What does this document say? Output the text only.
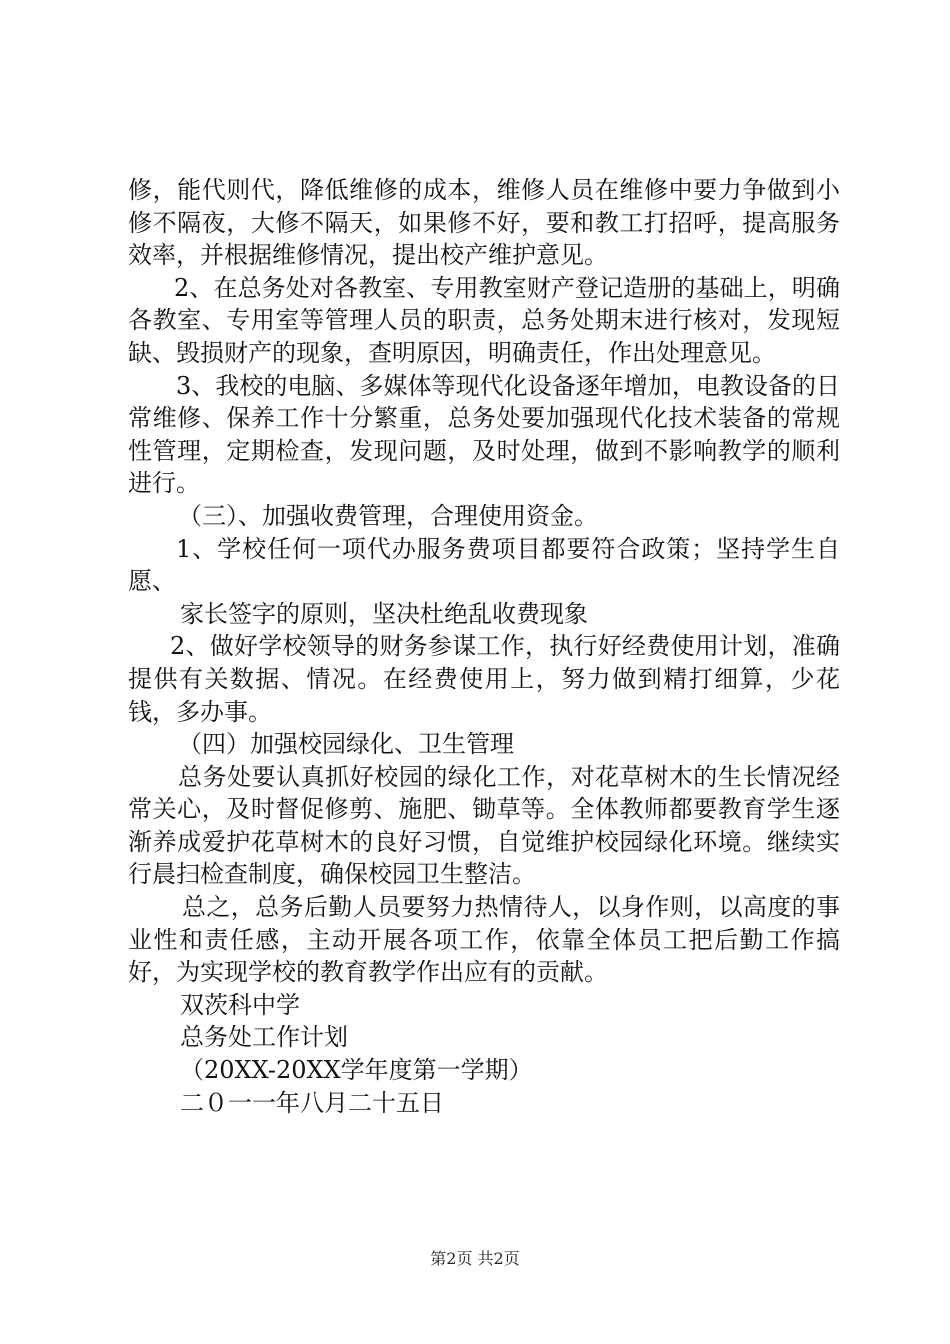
修，能代则代，降低维修的成本，维修人员在维修中要力争做到小修不隔夜，大修不隔天，如果修不好，要和教工打招呼，提高服务效率，并根据维修情况，提出校产维护意见。

2、在总务处对各教室、专用教室财产登记造册的基础上，明确各教室、专用室等管理人员的职责，总务处期末进行核对，发现短缺、毁损财产的现象，查明原因，明确责任，作出处理意见。

3、我校的电脑、多媒体等现代化设备逐年增加，电教设备的日常维修、保养工作十分繁重，总务处要加强现代化技术装备的常规性管理，定期检查，发现问题，及时处理，做到不影响教学的顺利进行。

（三）、加强收费管理，合理使用资金。

1、学校任何一项代办服务费项目都要符合政策；坚持学生自愿、

家长签字的原则，坚决杜绝乱收费现象

2、做好学校领导的财务参谋工作，执行好经费使用计划，准确提供有关数据、情况。在经费使用上，努力做到精打细算，少花钱，多办事。

（四）加强校园绿化、卫生管理

总务处要认真抓好校园的绿化工作，对花草树木的生长情况经常关心，及时督促修剪、施肥、锄草等。全体教师都要教育学生逐渐养成爱护花草树木的良好习惯，自觉维护校园绿化环境。继续实行晨扫检查制度，确保校园卫生整洁。

总之，总务后勤人员要努力热情待人，以身作则，以高度的事业性和责任感，主动开展各项工作，依靠全体员工把后勤工作搞好，为实现学校的教育教学作出应有的贡献。

双茨科中学

总务处工作计划

（20XX-20XX学年度第一学期）

二０一一年八月二十五日

第2页 共2页
